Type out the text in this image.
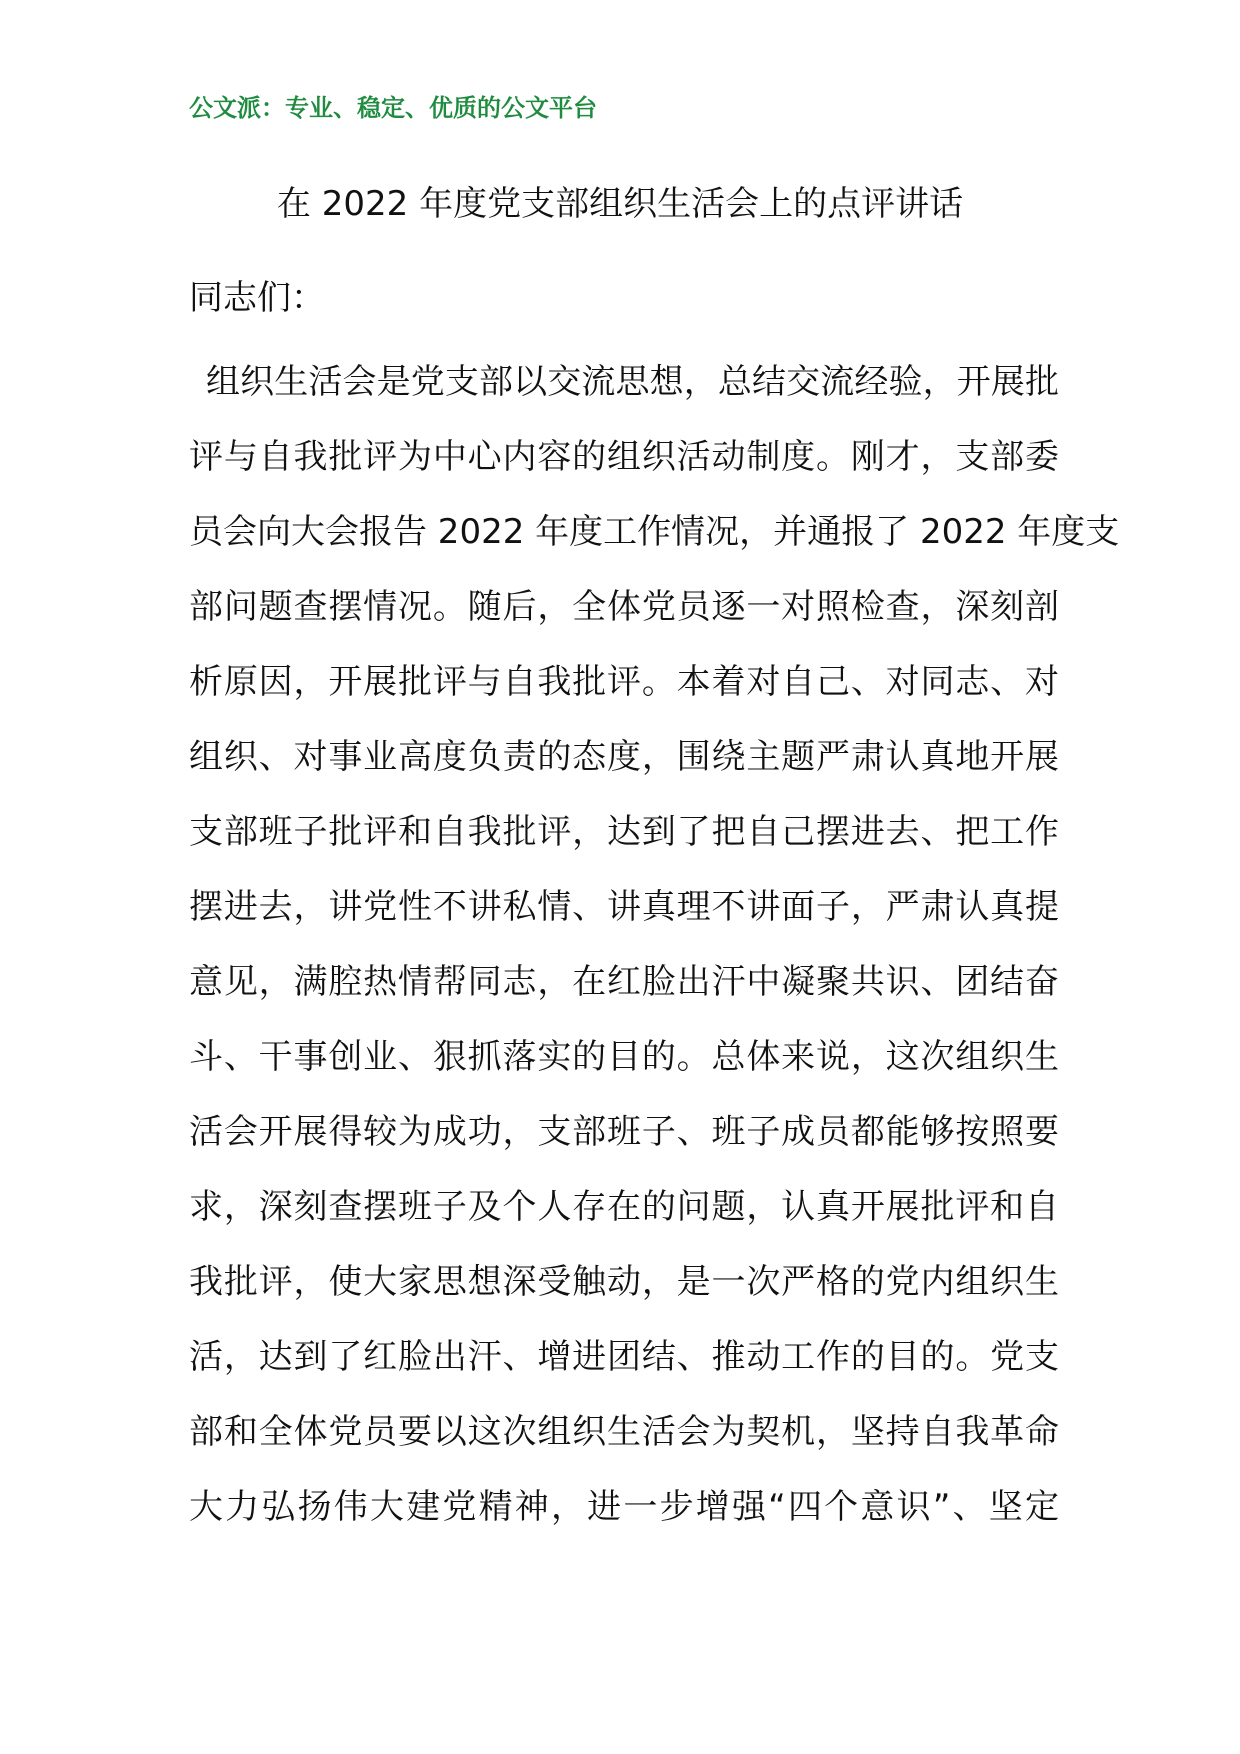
公文派：专业、稳定、优质的公文平台
在 2022 年度党支部组织生活会上的点评讲话
同志们：
组织生活会是党支部以交流思想，总结交流经验，开展批
评与自我批评为中心内容的组织活动制度。刚才，支部委
员会向大会报告 2022 年度工作情况，并通报了 2022 年度支
部问题查摆情况。随后，全体党员逐一对照检查，深刻剖
析原因，开展批评与自我批评。本着对自己、对同志、对
组织、对事业高度负责的态度，围绕主题严肃认真地开展
支部班子批评和自我批评，达到了把自己摆进去、把工作
摆进去，讲党性不讲私情、讲真理不讲面子，严肃认真提
意见，满腔热情帮同志，在红脸出汗中凝聚共识、团结奋
斗、干事创业、狠抓落实的目的。总体来说，这次组织生
活会开展得较为成功，支部班子、班子成员都能够按照要
求，深刻查摆班子及个人存在的问题，认真开展批评和自
我批评，使大家思想深受触动，是一次严格的党内组织生
活，达到了红脸出汗、增进团结、推动工作的目的。党支
部和全体党员要以这次组织生活会为契机，坚持自我革命
大力弘扬伟大建党精神，进一步增强“四个意识”、坚定
